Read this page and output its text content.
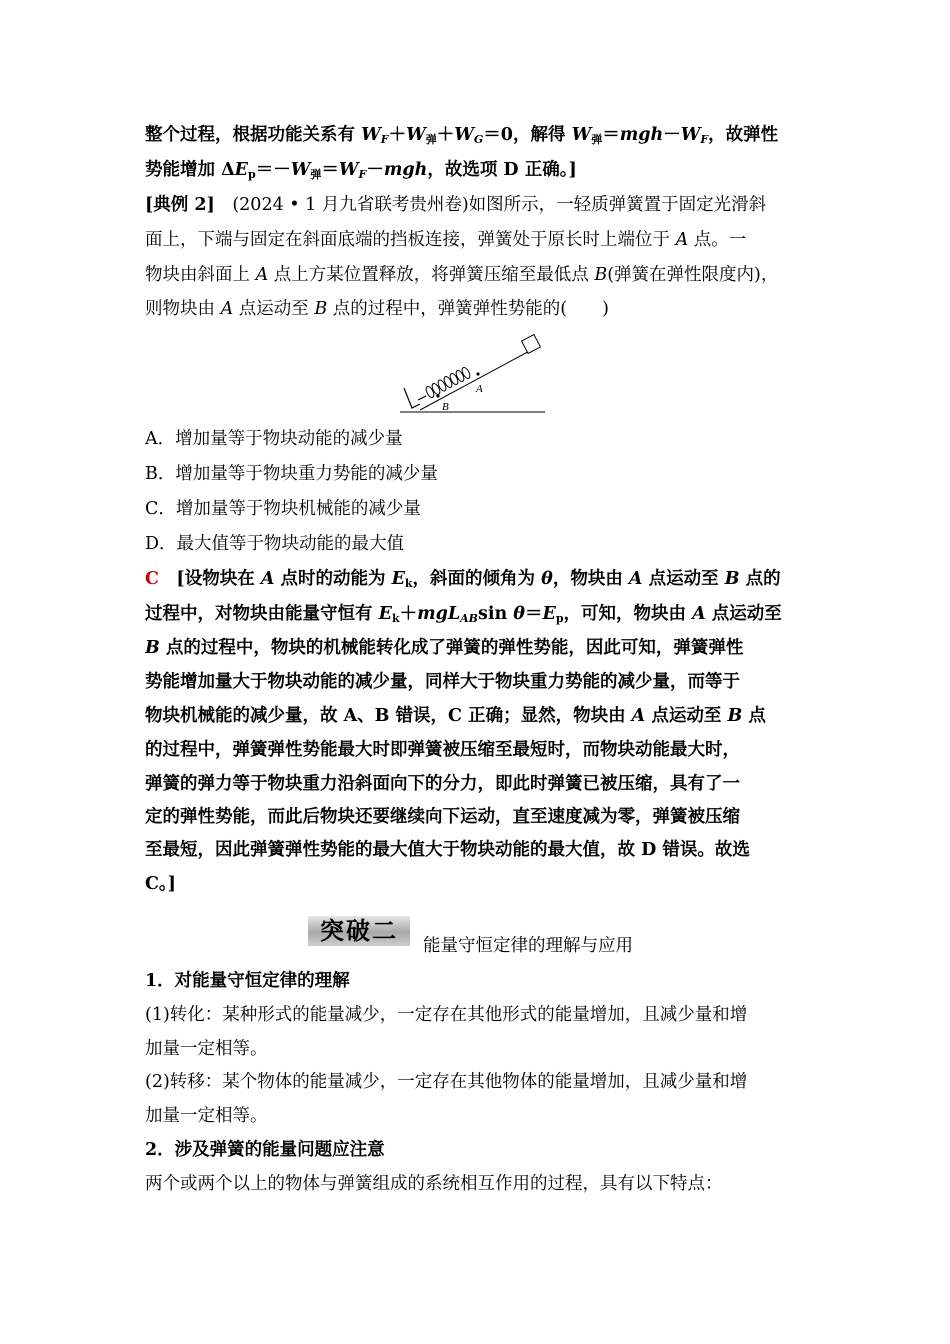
整个过程，根据功能关系有 $W_F+W_弹+W_G=0$，解得 $W_弹=mgh-W_F$，故弹性
势能增加 $\Delta E_p=-W_弹=W_F-mgh$，故选项 D 正确。]
[典例 2]　(2024 • 1 月九省联考贵州卷)如图所示，一轻质弹簧置于固定光滑斜
面上，下端与固定在斜面底端的挡板连接，弹簧处于原长时上端位于 A 点。一
物块由斜面上 A 点上方某位置释放，将弹簧压缩至最低点 B(弹簧在弹性限度内)，
则物块由 A 点运动至 B 点的过程中，弹簧弹性势能的(　　)
A
B
A．增加量等于物块动能的减少量
B．增加量等于物块重力势能的减少量
C．增加量等于物块机械能的减少量
D．最大值等于物块动能的最大值
C　[设物块在 A 点时的动能为 $E_k$，斜面的倾角为 θ，物块由 A 点运动至 B 点的
过程中，对物块由能量守恒有 $E_k+mgL_{AB}\sin$ $\theta=E_p$，可知，物块由 A 点运动至
B 点的过程中，物块的机械能转化成了弹簧的弹性势能，因此可知，弹簧弹性
势能增加量大于物块动能的减少量，同样大于物块重力势能的减少量，而等于
物块机械能的减少量，故 A、B 错误，C 正确；显然，物块由 A 点运动至 B 点
的过程中，弹簧弹性势能最大时即弹簧被压缩至最短时，而物块动能最大时，
弹簧的弹力等于物块重力沿斜面向下的分力，即此时弹簧已被压缩，具有了一
定的弹性势能，而此后物块还要继续向下运动，直至速度减为零，弹簧被压缩
至最短，因此弹簧弹性势能的最大值大于物块动能的最大值，故 D 错误。故选
C。]
突破二
能量守恒定律的理解与应用
1．对能量守恒定律的理解
(1)转化：某种形式的能量减少，一定存在其他形式的能量增加，且减少量和增
加量一定相等。
(2)转移：某个物体的能量减少，一定存在其他物体的能量增加，且减少量和增
加量一定相等。
2．涉及弹簧的能量问题应注意
两个或两个以上的物体与弹簧组成的系统相互作用的过程，具有以下特点：
